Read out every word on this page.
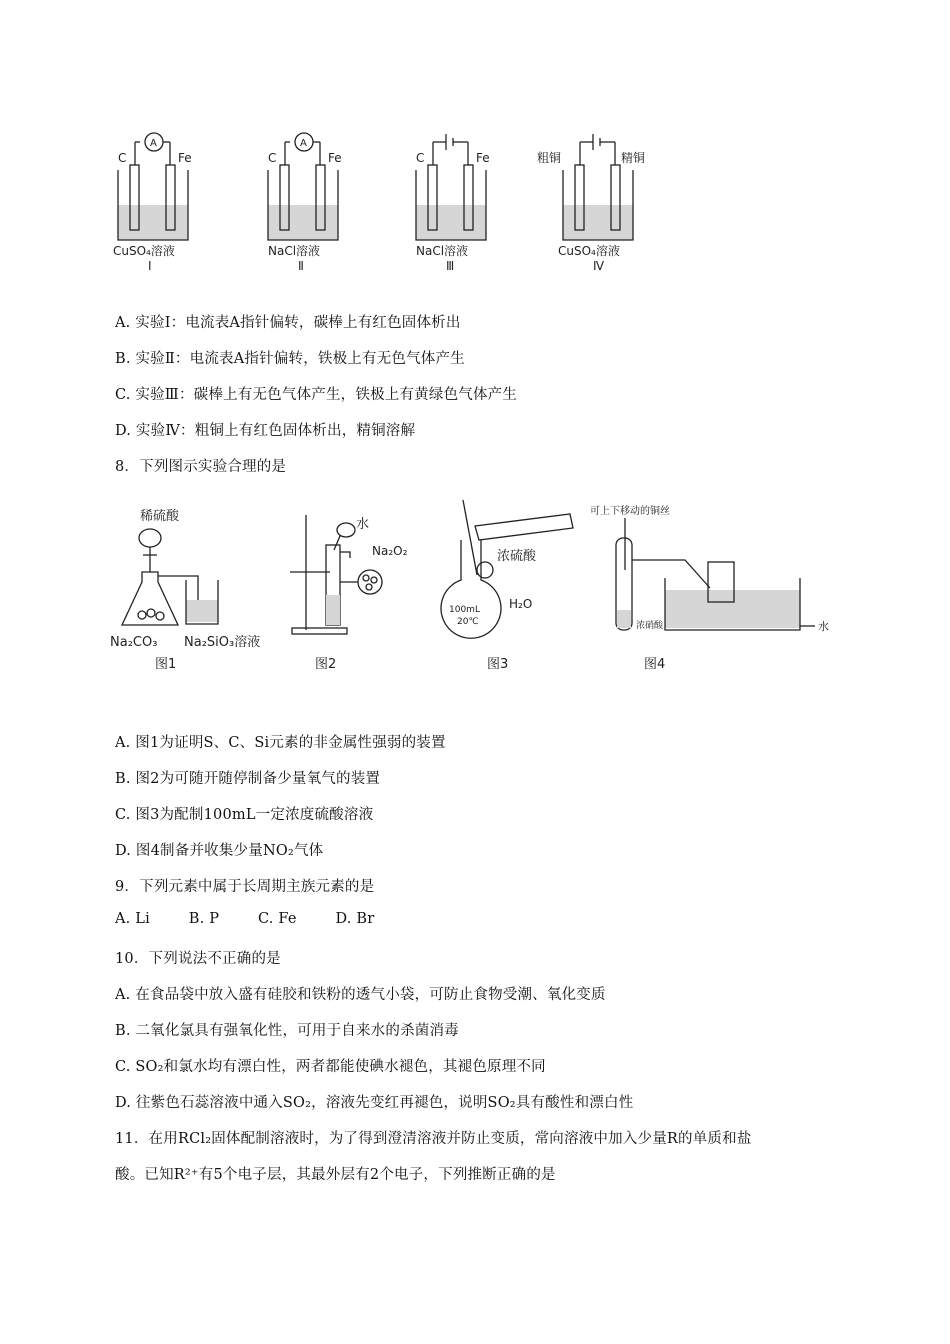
A
C	Fe
CuSO₄溶液
Ⅰ
A
C	Fe
NaCl溶液
Ⅱ
C	Fe
NaCl溶液
Ⅲ
粗铜	精铜
CuSO₄溶液
Ⅳ
A. 实验Ⅰ：电流表A指针偏转，碳棒上有红色固体析出
B. 实验Ⅱ：电流表A指针偏转，铁极上有无色气体产生
C. 实验Ⅲ：碳棒上有无色气体产生，铁极上有黄绿色气体产生
D. 实验Ⅳ：粗铜上有红色固体析出，精铜溶解
8．下列图示实验合理的是
稀硫酸
Na₂CO₃ Na₂SiO₃溶液
图1
水
Na₂O₂
图2
浓硫酸
H₂O
100mL
20℃
图3
可上下移动的铜丝
浓硝酸	水
图4
A. 图1为证明S、C、Si元素的非金属性强弱的装置
B. 图2为可随开随停制备少量氧气的装置
C. 图3为配制100mL一定浓度硫酸溶液
D. 图4制备并收集少量NO₂气体
9．下列元素中属于长周期主族元素的是
A. Li	B. P	C. Fe	D. Br
10．下列说法不正确的是
A. 在食品袋中放入盛有硅胶和铁粉的透气小袋，可防止食物受潮、氧化变质
B. 二氧化氯具有强氧化性，可用于自来水的杀菌消毒
C. SO₂和氯水均有漂白性，两者都能使碘水褪色，其褪色原理不同
D. 往紫色石蕊溶液中通入SO₂，溶液先变红再褪色，说明SO₂具有酸性和漂白性
11．在用RCl₂固体配制溶液时，为了得到澄清溶液并防止变质，常向溶液中加入少量R的单质和盐
酸。已知R²⁺有5个电子层，其最外层有2个电子，下列推断正确的是
